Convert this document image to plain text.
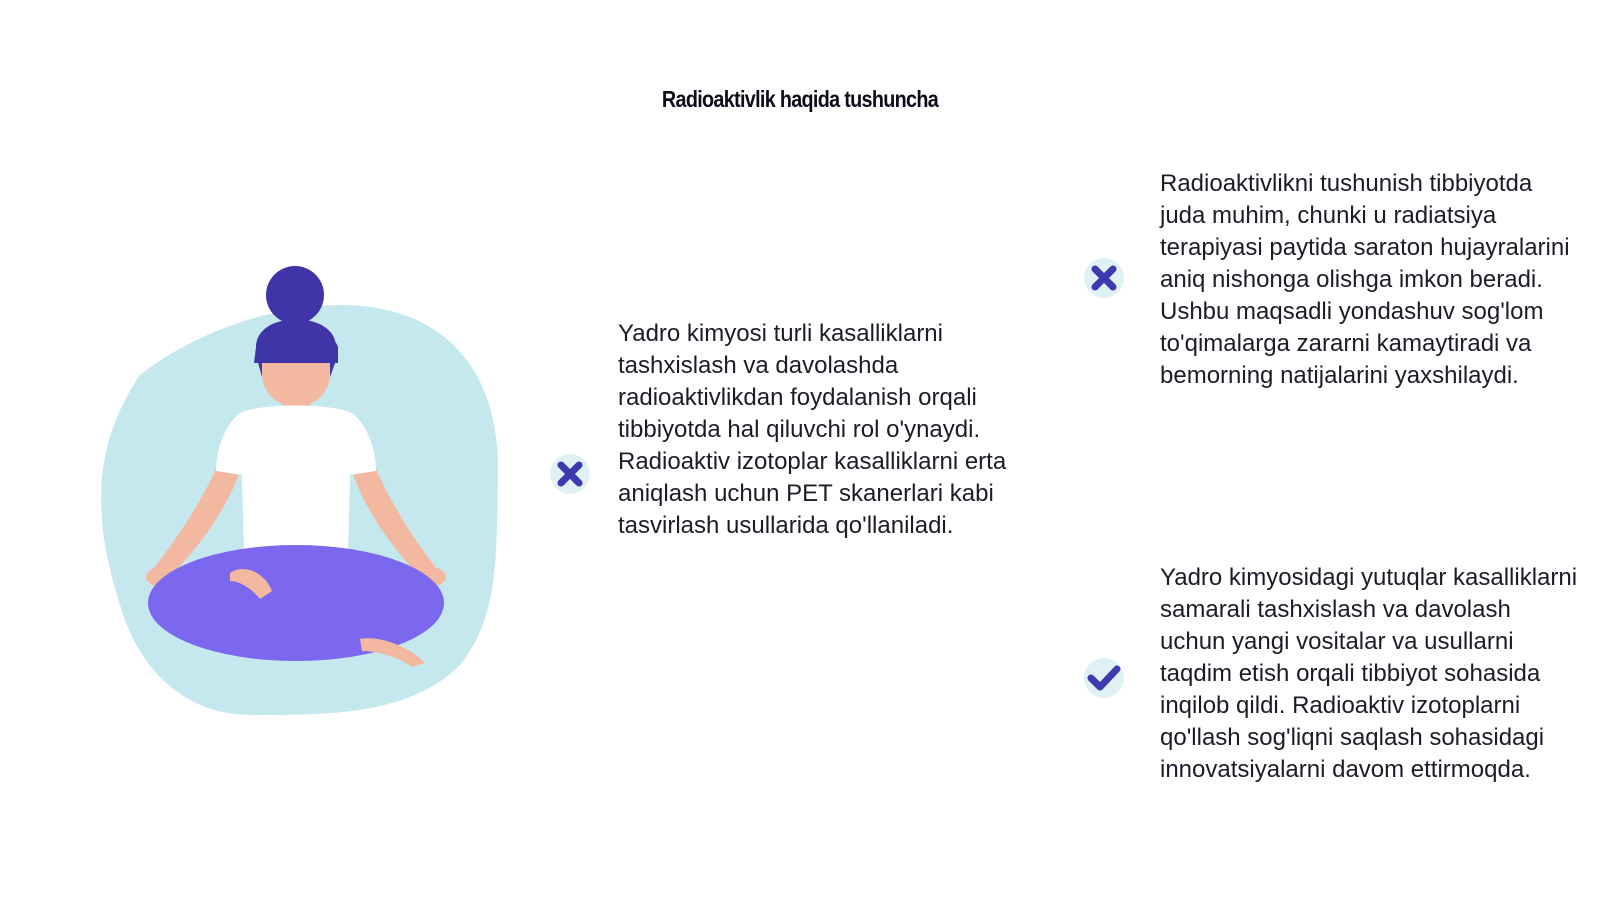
Radioaktivlik haqida tushuncha

Yadro kimyosi turli kasalliklarni tashxislash va davolashda radioaktivlikdan foydalanish orqali tibbiyotda hal qiluvchi rol o'ynaydi. Radioaktiv izotoplar kasalliklarni erta aniqlash uchun PET skanerlari kabi tasvirlash usullarida qo'llaniladi.

Radioaktivlikni tushunish tibbiyotda juda muhim, chunki u radiatsiya terapiyasi paytida saraton hujayralarini aniq nishonga olishga imkon beradi. Ushbu maqsadli yondashuv sog'lom to'qimalarga zararni kamaytiradi va bemorning natijalarini yaxshilaydi.

Yadro kimyosidagi yutuqlar kasalliklarni samarali tashxislash va davolash uchun yangi vositalar va usullarni taqdim etish orqali tibbiyot sohasida inqilob qildi. Radioaktiv izotoplarni qo'llash sog'liqni saqlash sohasidagi innovatsiyalarni davom ettirmoqda.
